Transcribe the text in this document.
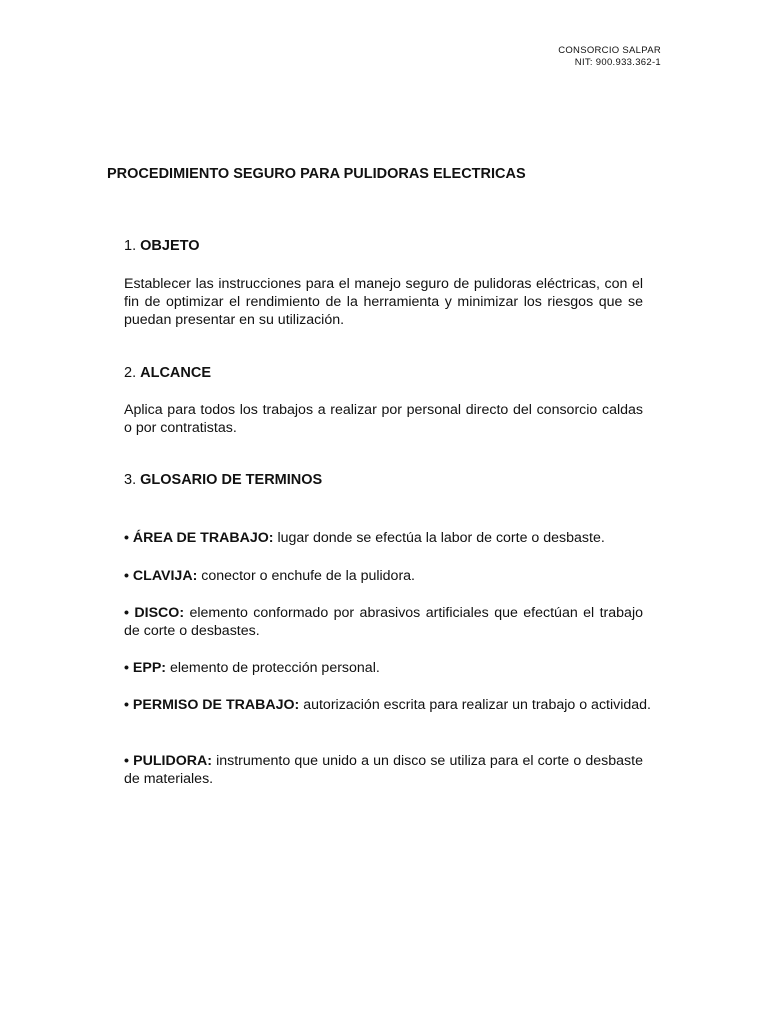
CONSORCIO SALPAR
NIT: 900.933.362-1
PROCEDIMIENTO SEGURO PARA PULIDORAS ELECTRICAS
1. OBJETO

Establecer las instrucciones para el manejo seguro de pulidoras eléctricas, con el fin de optimizar el rendimiento de la herramienta y minimizar los riesgos que se puedan presentar en su utilización.

2. ALCANCE

Aplica para todos los trabajos a realizar por personal directo del consorcio caldas o por contratistas.

3. GLOSARIO DE TERMINOS

• ÁREA DE TRABAJO: lugar donde se efectúa la labor de corte o desbaste.

• CLAVIJA: conector o enchufe de la pulidora.

• DISCO: elemento conformado por abrasivos artificiales que efectúan el trabajo de corte o desbastes.

• EPP: elemento de protección personal.

• PERMISO DE TRABAJO: autorización escrita para realizar un trabajo o actividad.

• PULIDORA: instrumento que unido a un disco se utiliza para el corte o desbaste de materiales.
